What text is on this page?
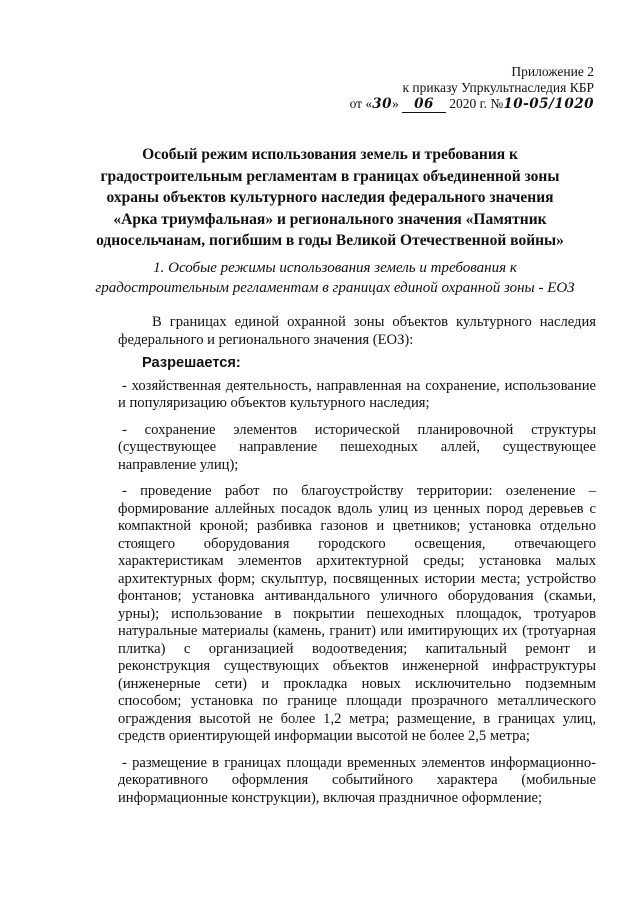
Приложение 2
к приказу Упркультнаследия КБР
от «30» 06 2020 г. №10-05/1020
Особый режим использования земель и требования к градостроительным регламентам в границах объединенной зоны охраны объектов культурного наследия федерального значения «Арка триумфальная» и регионального значения «Памятник односельчанам, погибшим в годы Великой Отечественной войны»
1. Особые режимы использования земель и требования к градостроительным регламентам в границах единой охранной зоны - ЕОЗ

В границах единой охранной зоны объектов культурного наследия федерального и регионального значения (ЕОЗ):

Разрешается:

- хозяйственная деятельность, направленная на сохранение, использование и популяризацию объектов культурного наследия;

- сохранение элементов исторической планировочной структуры (существующее направление пешеходных аллей, существующее направление улиц);

- проведение работ по благоустройству территории: озеленение – формирование аллейных посадок вдоль улиц из ценных пород деревьев с компактной кроной; разбивка газонов и цветников; установка отдельно стоящего оборудования городского освещения, отвечающего характеристикам элементов архитектурной среды; установка малых архитектурных форм; скульптур, посвященных истории места; устройство фонтанов; установка антивандального уличного оборудования (скамьи, урны); использование в покрытии пешеходных площадок, тротуаров натуральные материалы (камень, гранит) или имитирующих их (тротуарная плитка) с организацией водоотведения; капитальный ремонт и реконструкция существующих объектов инженерной инфраструктуры (инженерные сети) и прокладка новых исключительно подземным способом; установка по границе площади прозрачного металлического ограждения высотой не более 1,2 метра; размещение, в границах улиц, средств ориентирующей информации высотой не более 2,5 метра;

- размещение в границах площади временных элементов информационно-декоративного оформления событийного характера (мобильные информационные конструкции), включая праздничное оформление;
